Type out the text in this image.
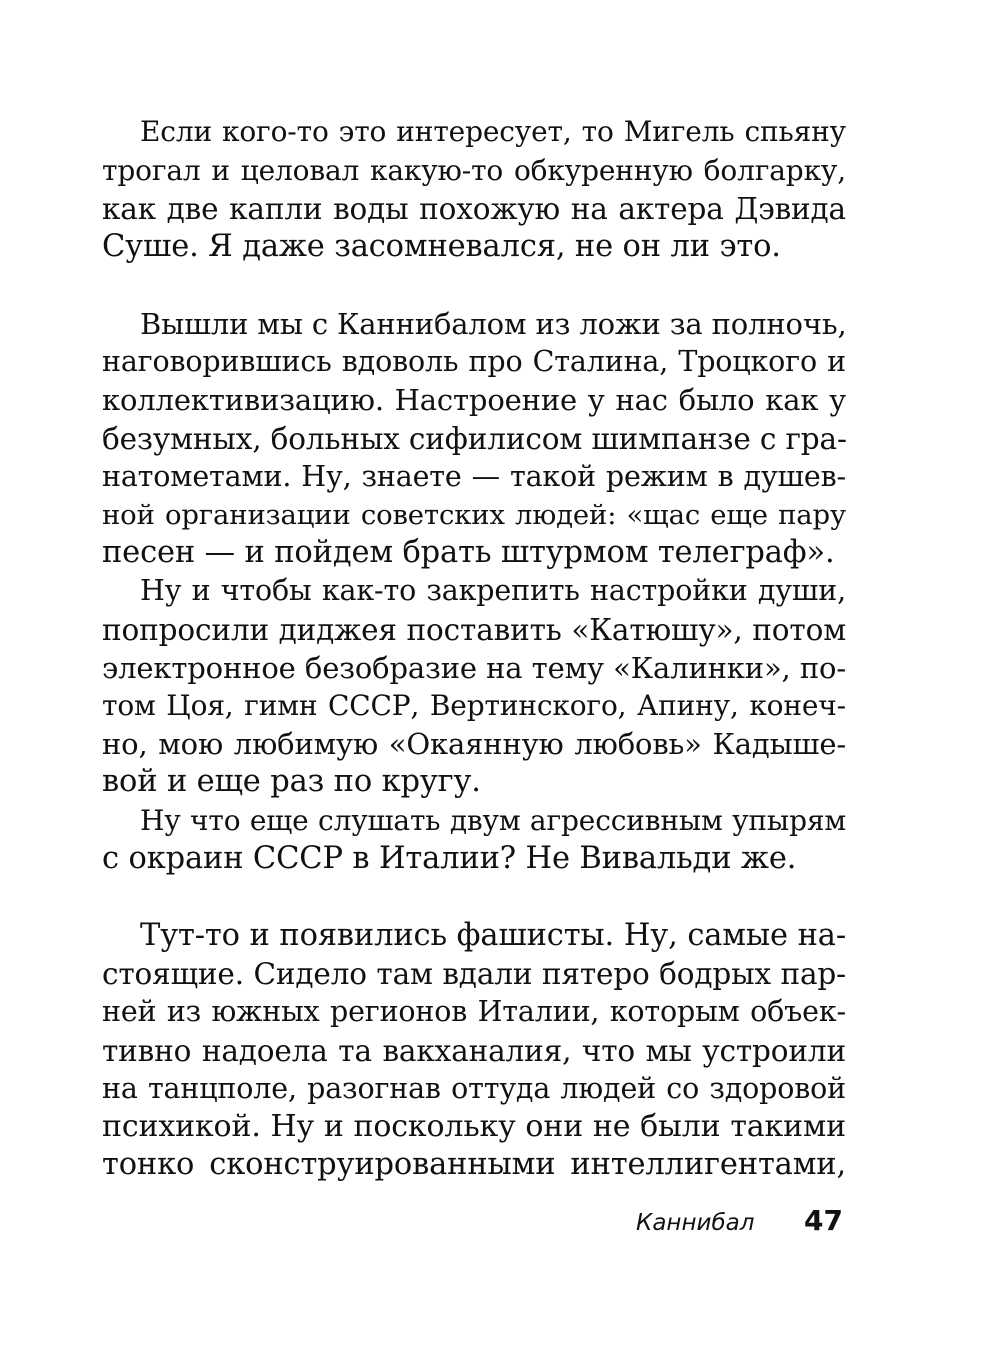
Если кого-то это интересует, то Мигель спьяну
трогал и целовал какую-то обкуренную болгарку,
как две капли воды похожую на актера Дэвида
Суше. Я даже засомневался, не он ли это.
Вышли мы с Каннибалом из ложи за полночь,
наговорившись вдоволь про Сталина, Троцкого и
коллективизацию. Настроение у нас было как у
безумных, больных сифилисом шимпанзе с гра-
натометами. Ну, знаете — такой режим в душев-
ной организации советских людей: «щас еще пару
песен — и пойдем брать штурмом телеграф».
Ну и чтобы как-то закрепить настройки души,
попросили диджея поставить «Катюшу», потом
электронное безобразие на тему «Калинки», по-
том Цоя, гимн СССР, Вертинского, Апину, конеч-
но, мою любимую «Окаянную любовь» Кадыше-
вой и еще раз по кругу.
Ну что еще слушать двум агрессивным упырям
с окраин СССР в Италии? Не Вивальди же.
Тут-то и появились фашисты. Ну, самые на-
стоящие. Сидело там вдали пятеро бодрых пар-
ней из южных регионов Италии, которым объек-
тивно надоела та вакханалия, что мы устроили
на танцполе, разогнав оттуда людей со здоровой
психикой. Ну и поскольку они не были такими
тонко сконструированными интеллигентами,
Каннибал 47
